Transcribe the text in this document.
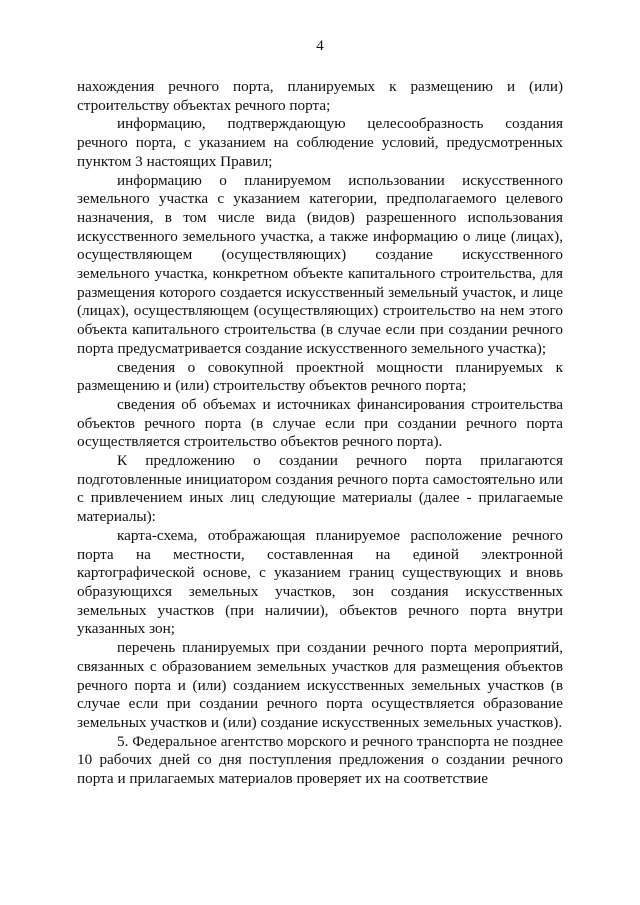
4

нахождения речного порта, планируемых к размещению и (или) строительству объектах речного порта;

информацию, подтверждающую целесообразность создания речного порта, с указанием на соблюдение условий, предусмотренных пунктом 3 настоящих Правил;

информацию о планируемом использовании искусственного земельного участка с указанием категории, предполагаемого целевого назначения, в том числе вида (видов) разрешенного использования искусственного земельного участка, а также информацию о лице (лицах), осуществляющем (осуществляющих) создание искусственного земельного участка, конкретном объекте капитального строительства, для размещения которого создается искусственный земельный участок, и лице (лицах), осуществляющем (осуществляющих) строительство на нем этого объекта капитального строительства (в случае если при создании речного порта предусматривается создание искусственного земельного участка);

сведения о совокупной проектной мощности планируемых к размещению и (или) строительству объектов речного порта;

сведения об объемах и источниках финансирования строительства объектов речного порта (в случае если при создании речного порта осуществляется строительство объектов речного порта).

К предложению о создании речного порта прилагаются подготовленные инициатором создания речного порта самостоятельно или с привлечением иных лиц следующие материалы (далее - прилагаемые материалы):

карта-схема, отображающая планируемое расположение речного порта на местности, составленная на единой электронной картографической основе, с указанием границ существующих и вновь образующихся земельных участков, зон создания искусственных земельных участков (при наличии), объектов речного порта внутри указанных зон;

перечень планируемых при создании речного порта мероприятий, связанных с образованием земельных участков для размещения объектов речного порта и (или) созданием искусственных земельных участков (в случае если при создании речного порта осуществляется образование земельных участков и (или) создание искусственных земельных участков).

5. Федеральное агентство морского и речного транспорта не позднее 10 рабочих дней со дня поступления предложения о создании речного порта и прилагаемых материалов проверяет их на соответствие
